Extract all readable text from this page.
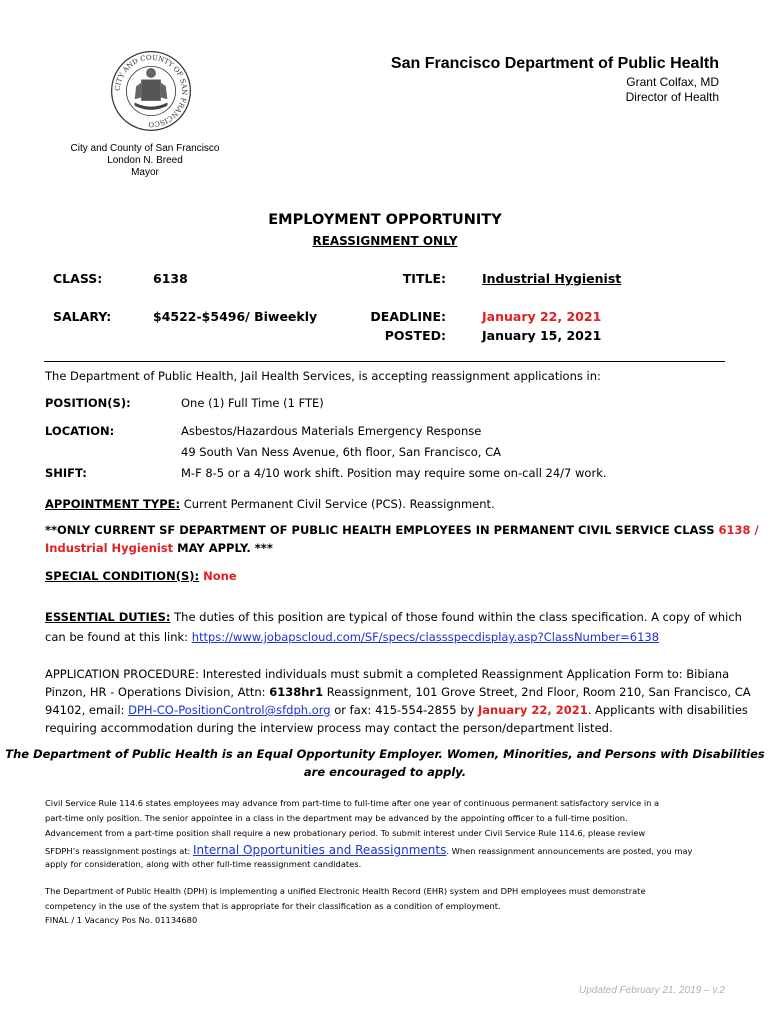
CITY AND COUNTY OF SAN FRANCISCO
San Francisco Department of Public Health
Grant Colfax, MD
Director of Health
City and County of San Francisco
London N. Breed
Mayor
EMPLOYMENT OPPORTUNITY
REASSIGNMENT ONLY
CLASS:	6138	TITLE:	Industrial Hygienist
SALARY:	$4522-$5496/ Biweekly	DEADLINE:	January 22, 2021
POSTED:	January 15, 2021
The Department of Public Health, Jail Health Services, is accepting reassignment applications in:
POSITION(S):	One (1) Full Time (1 FTE)
LOCATION:	Asbestos/Hazardous Materials Emergency Response
49 South Van Ness Avenue, 6th floor, San Francisco, CA
SHIFT:	M-F 8-5 or a 4/10 work shift. Position may require some on-call 24/7 work.
APPOINTMENT TYPE: Current Permanent Civil Service (PCS). Reassignment.
**ONLY CURRENT SF DEPARTMENT OF PUBLIC HEALTH EMPLOYEES IN PERMANENT CIVIL SERVICE CLASS 6138 /
Industrial Hygienist MAY APPLY. ***
SPECIAL CONDITION(S): None
ESSENTIAL DUTIES: The duties of this position are typical of those found within the class specification. A copy of which
can be found at this link: https://www.jobapscloud.com/SF/specs/classspecdisplay.asp?ClassNumber=6138
APPLICATION PROCEDURE: Interested individuals must submit a completed Reassignment Application Form to: Bibiana
Pinzon, HR - Operations Division, Attn: 6138hr1 Reassignment, 101 Grove Street, 2nd Floor, Room 210, San Francisco, CA
94102, email: DPH-CO-PositionControl@sfdph.org or fax: 415-554-2855 by January 22, 2021. Applicants with disabilities
requiring accommodation during the interview process may contact the person/department listed.
The Department of Public Health is an Equal Opportunity Employer. Women, Minorities, and Persons with Disabilities
are encouraged to apply.
Civil Service Rule 114.6 states employees may advance from part-time to full-time after one year of continuous permanent satisfactory service in a
part-time only position. The senior appointee in a class in the department may be advanced by the appointing officer to a full-time position.
Advancement from a part-time position shall require a new probationary period. To submit interest under Civil Service Rule 114.6, please review
SFDPH’s reassignment postings at: Internal Opportunities and Reassignments. When reassignment announcements are posted, you may
apply for consideration, along with other full-time reassignment candidates.
The Department of Public Health (DPH) is implementing a unified Electronic Health Record (EHR) system and DPH employees must demonstrate
competency in the use of the system that is appropriate for their classification as a condition of employment.
FINAL / 1 Vacancy Pos No. 01134680
Updated February 21, 2019 – v.2
